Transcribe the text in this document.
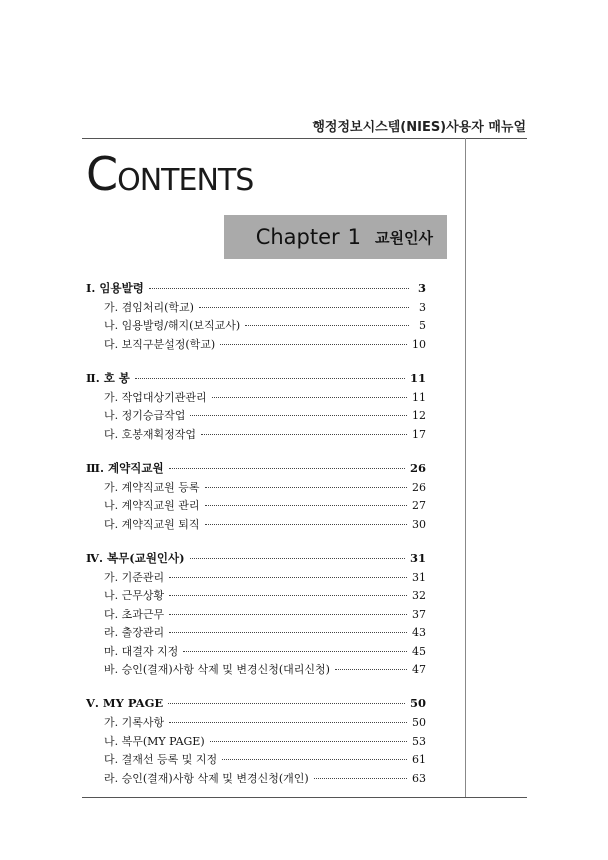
행정정보시스템(NIES)사용자 매뉴얼
CONTENTS
Chapter 1 교원인사
Ⅰ. 임용발령	3
가. 겸임처리(학교)	3
나. 임용발령/해지(보직교사)	5
다. 보직구분설정(학교)	10
Ⅱ. 호 봉	11
가. 작업대상기관관리	11
나. 정기승급작업	12
다. 호봉재획정작업	17
Ⅲ. 계약직교원	26
가. 계약직교원 등록	26
나. 계약직교원 관리	27
다. 계약직교원 퇴직	30
Ⅳ. 복무(교원인사)	31
가. 기준관리	31
나. 근무상황	32
다. 초과근무	37
라. 출장관리	43
마. 대결자 지정	45
바. 승인(결재)사항 삭제 및 변경신청(대리신청)	47
Ⅴ. MY PAGE	50
가. 기록사항	50
나. 복무(MY PAGE)	53
다. 결재선 등록 및 지정	61
라. 승인(결재)사항 삭제 및 변경신청(개인)	63
